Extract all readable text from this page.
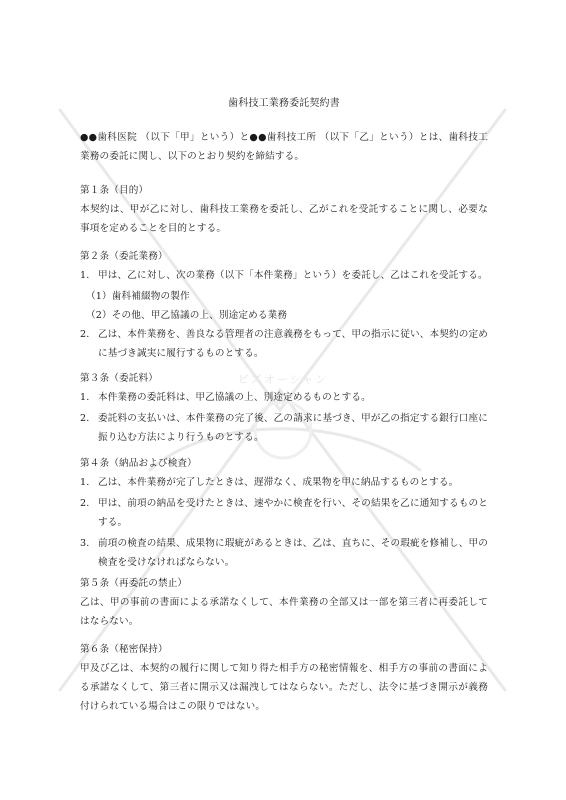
ビズオーシャン
歯科技工業務委託契約書

●●歯科医院 （以下「甲」という）と●●歯科技工所 （以下「乙」という）とは、歯科技工業務の委託に関し、以下のとおり契約を締結する。

第１条（目的）

本契約は、甲が乙に対し、歯科技工業務を委託し、乙がこれを受託することに関し、必要な事項を定めることを目的とする。

第２条（委託業務）

1. 甲は、乙に対し、次の業務（以下「本件業務」という）を委託し、乙はこれを受託する。

（1）歯科補綴物の製作

（2）その他、甲乙協議の上、別途定める業務

2. 乙は、本件業務を、善良なる管理者の注意義務をもって、甲の指示に従い、本契約の定めに基づき誠実に履行するものとする。

第３条（委託料）

1. 本件業務の委託料は、甲乙協議の上、別途定めるものとする。
2. 委託料の支払いは、本件業務の完了後、乙の請求に基づき、甲が乙の指定する銀行口座に振り込む方法により行うものとする。

第４条（納品および検査）

1. 乙は、本件業務が完了したときは、遅滞なく、成果物を甲に納品するものとする。
2. 甲は、前項の納品を受けたときは、速やかに検査を行い、その結果を乙に通知するものとする。
3. 前項の検査の結果、成果物に瑕疵があるときは、乙は、直ちに、その瑕疵を修補し、甲の検査を受けなければならない。

第５条（再委託の禁止）

乙は、甲の事前の書面による承諾なくして、本件業務の全部又は一部を第三者に再委託してはならない。

第６条（秘密保持）

甲及び乙は、本契約の履行に関して知り得た相手方の秘密情報を、相手方の事前の書面による承諾なくして、第三者に開示又は漏洩してはならない。ただし、法令に基づき開示が義務付けられている場合はこの限りではない。
